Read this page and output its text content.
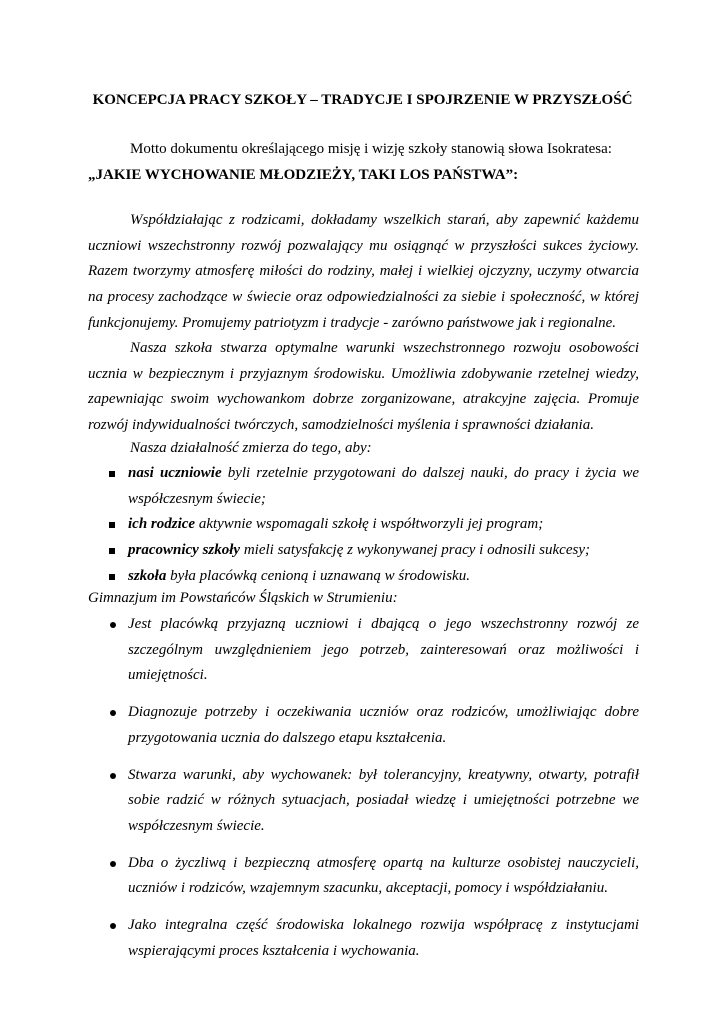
KONCEPCJA PRACY SZKOŁY – TRADYCJE I SPOJRZENIE W PRZYSZŁOŚĆ
Motto dokumentu określającego misję i wizję szkoły stanowią słowa Isokratesa:
„JAKIE WYCHOWANIE MŁODZIEŻY, TAKI LOS PAŃSTWA”:

Współdziałając z rodzicami, dokładamy wszelkich starań, aby zapewnić każdemu uczniowi wszechstronny rozwój pozwalający mu osiągnąć w przyszłości sukces życiowy. Razem tworzymy atmosferę miłości do rodziny, małej i wielkiej ojczyzny, uczymy otwarcia na procesy zachodzące w świecie oraz odpowiedzialności za siebie i społeczność, w której funkcjonujemy. Promujemy patriotyzm i tradycje - zarówno państwowe jak i regionalne.

Nasza szkoła stwarza optymalne warunki wszechstronnego rozwoju osobowości ucznia w bezpiecznym i przyjaznym środowisku. Umożliwia zdobywanie rzetelnej wiedzy, zapewniając swoim wychowankom dobrze zorganizowane, atrakcyjne zajęcia. Promuje rozwój indywidualności twórczych, samodzielności myślenia i sprawności działania.

Nasza działalność zmierza do tego, aby:

nasi uczniowie byli rzetelnie przygotowani do dalszej nauki, do pracy i życia we współczesnym świecie;
ich rodzice aktywnie wspomagali szkołę i współtworzyli jej program;
pracownicy szkoły mieli satysfakcję z wykonywanej pracy i odnosili sukcesy;
szkoła była placówką cenioną i uznawaną w środowisku.

Gimnazjum im Powstańców Śląskich w Strumieniu:

Jest placówką przyjazną uczniowi i dbającą o jego wszechstronny rozwój ze szczególnym uwzględnieniem jego potrzeb, zainteresowań oraz możliwości i umiejętności.
Diagnozuje potrzeby i oczekiwania uczniów oraz rodziców, umożliwiając dobre przygotowania ucznia do dalszego etapu kształcenia.
Stwarza warunki, aby wychowanek: był tolerancyjny, kreatywny, otwarty, potrafił sobie radzić w różnych sytuacjach, posiadał wiedzę i umiejętności potrzebne we współczesnym świecie.
Dba o życzliwą i bezpieczną atmosferę opartą na kulturze osobistej nauczycieli, uczniów i rodziców, wzajemnym szacunku, akceptacji, pomocy i współdziałaniu.
Jako integralna część środowiska lokalnego rozwija współpracę z instytucjami wspierającymi proces kształcenia i wychowania.
